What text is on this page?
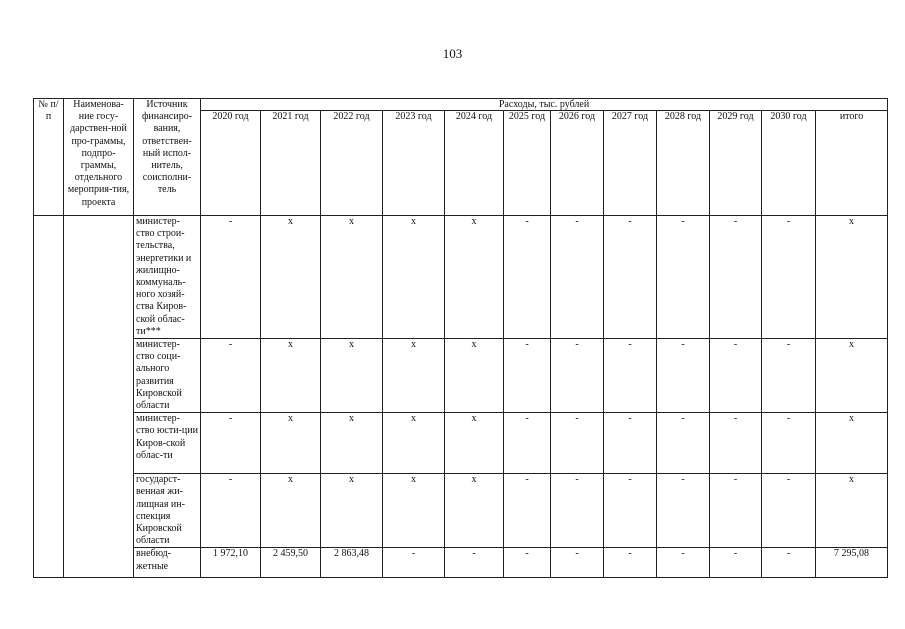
103
№ п/п	Наименова-ние госу-дарствен-ной про-граммы, подпро-граммы, отдельного мероприя-тия, проекта	Источник финансиро-вания, ответствен-ный испол-нитель, соисполни-тель	Расходы, тыс. рублей											
			2020 год	2021 год	2022 год	2023 год	2024 год	2025 год	2026 год	2027 год	2028 год	2029 год	2030 год	итого
		министер-ство строи-тельства, энергетики и жилищно-коммуналь-ного хозяй-ства Киров-ской облас-ти***	-	x	x	x	x	-	-	-	-	-	-	x
		министер-ство соци-ального развития Кировской области	-	x	x	x	x	-	-	-	-	-	-	x
		министер-ство юсти-ции Киров-ской облас-ти	-	x	x	x	x	-	-	-	-	-	-	x
		государст-венная жи-лищная ин-спекция Кировской области	-	x	x	x	x	-	-	-	-	-	-	x
		внебюд-жетные	1 972,10	2 459,50	2 863,48	-	-	-	-	-	-	-	-	7 295,08
